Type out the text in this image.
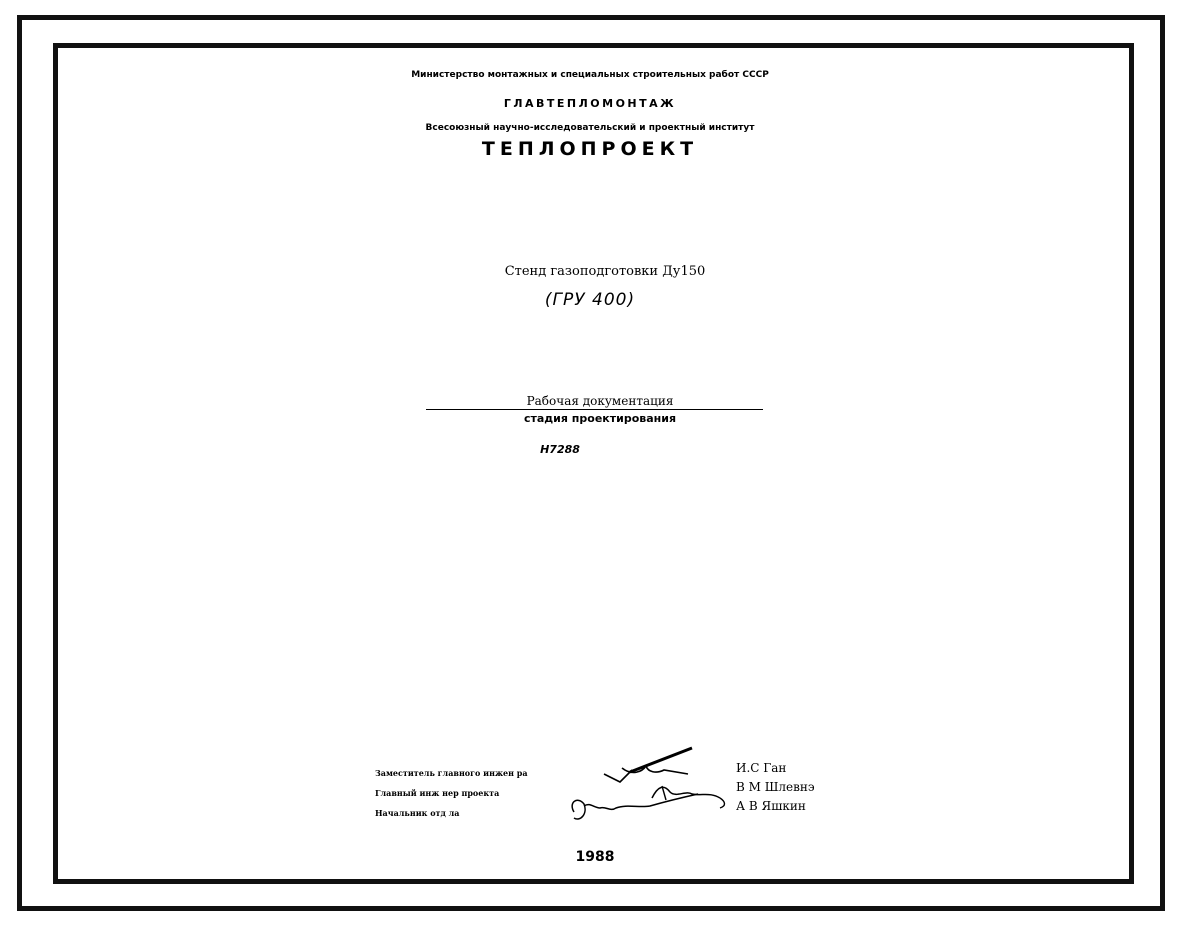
Министерство монтажных и специальных строительных работ СССР
ГЛАВТЕПЛОМОНТАЖ
Всесоюзный научно-исследовательский и проектный институт
ТЕПЛОПРОЕКТ
Стенд газоподготовки Ду150
(ГРУ 400)
Рабочая документация
стадия проектирования
Н7288
Заместитель главного инжен ра
Главный инж нер проекта
Начальник отд ла
И.С Ган
В М Шлевнэ
А В Яшкин
1988
